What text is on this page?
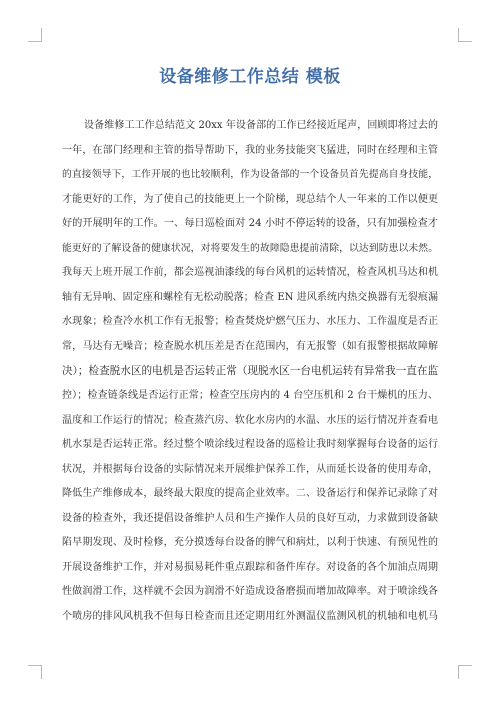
设备维修工作总结 模板
设备维修工工作总结范文 20xx 年设备部的工作已经接近尾声，回顾即将过去的
一年，在部门经理和主管的指导帮助下，我的业务技能突飞猛进，同时在经理和主管
的直接领导下，工作开展的也比较顺利，作为设备部的一个设备员首先提高自身技能，
才能更好的工作，为了使自己的技能更上一个阶梯，现总结个人一年来的工作以便更
好的开展明年的工作。一、每日巡检面对 24 小时不停运转的设备，只有加强检查才
能更好的了解设备的健康状况，对将要发生的故障隐患提前清除，以达到防患以未然。
我每天上班开展工作前，都会巡视油漆线的每台风机的运转情况，检查风机马达和机
轴有无异响、固定座和螺栓有无松动脱落；检查 EN 进风系统内热交换器有无裂痕漏
水现象；检查冷水机工作有无报警；检查焚烧炉燃气压力、水压力、工作温度是否正
常，马达有无噪音；检查脱水机压差是否在范围内，有无报警（如有报警根据故障解
决）；检查脱水区的电机是否运转正常（现脱水区一台电机运转有异常我一直在监
控）；检查链条线是否运行正常；检查空压房内的 4 台空压机和 2 台干燥机的压力、
温度和工作运行的情况；检查蒸汽房、软化水房内的水温、水压的运行情况并查看电
机水泵是否运转正常。经过整个喷涂线过程设备的巡检让我时刻掌握每台设备的运行
状况，并根据每台设备的实际情况来开展维护保养工作，从而延长设备的使用寿命，
降低生产维修成本，最终最大限度的提高企业效率。二、设备运行和保养记录除了对
设备的检查外，我还提倡设备维护人员和生产操作人员的良好互动，力求做到设备缺
陷早期发现、及时检修，充分摸透每台设备的脾气和病灶，以利于快速、有预见性的
开展设备维护工作，并对易损易耗件重点跟踪和备件库存。对设备的各个加油点周期
性做润滑工作，这样就不会因为润滑不好造成设备磨损而增加故障率。对于喷涂线各
个喷房的排风风机我不但每日检查而且还定期用红外测温仪监测风机的机轴和电机马
